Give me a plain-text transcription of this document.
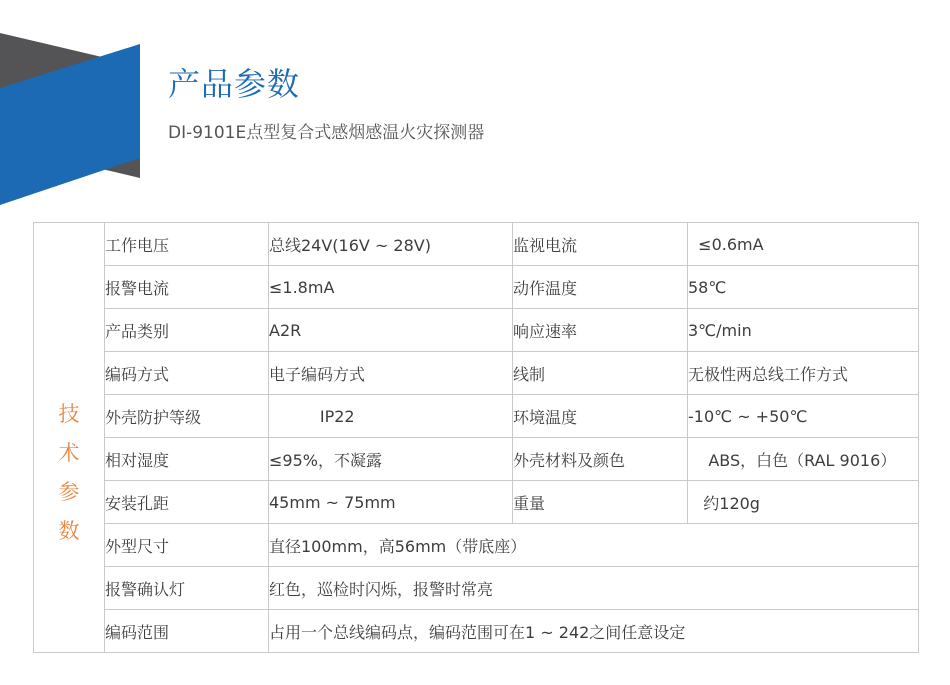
产品参数
DI-9101E点型复合式感烟感温火灾探测器
技
术
参
数	工作电压	总线24V(16V ~ 28V)	监视电流	≤0.6mA
	报警电流	≤1.8mA	动作温度	58℃
	产品类别	A2R	响应速率	3℃/min
	编码方式	电子编码方式	线制	无极性两总线工作方式
	外壳防护等级	IP22	环境温度	-10℃ ~ +50℃
	相对湿度	≤95%，不凝露	外壳材料及颜色	ABS，白色（RAL 9016）
	安装孔距	45mm ~ 75mm	重量	约120g
	外型尺寸	直径100mm，高56mm（带底座）		
	报警确认灯	红色，巡检时闪烁，报警时常亮		
	编码范围	占用一个总线编码点，编码范围可在1 ~ 242之间任意设定		
